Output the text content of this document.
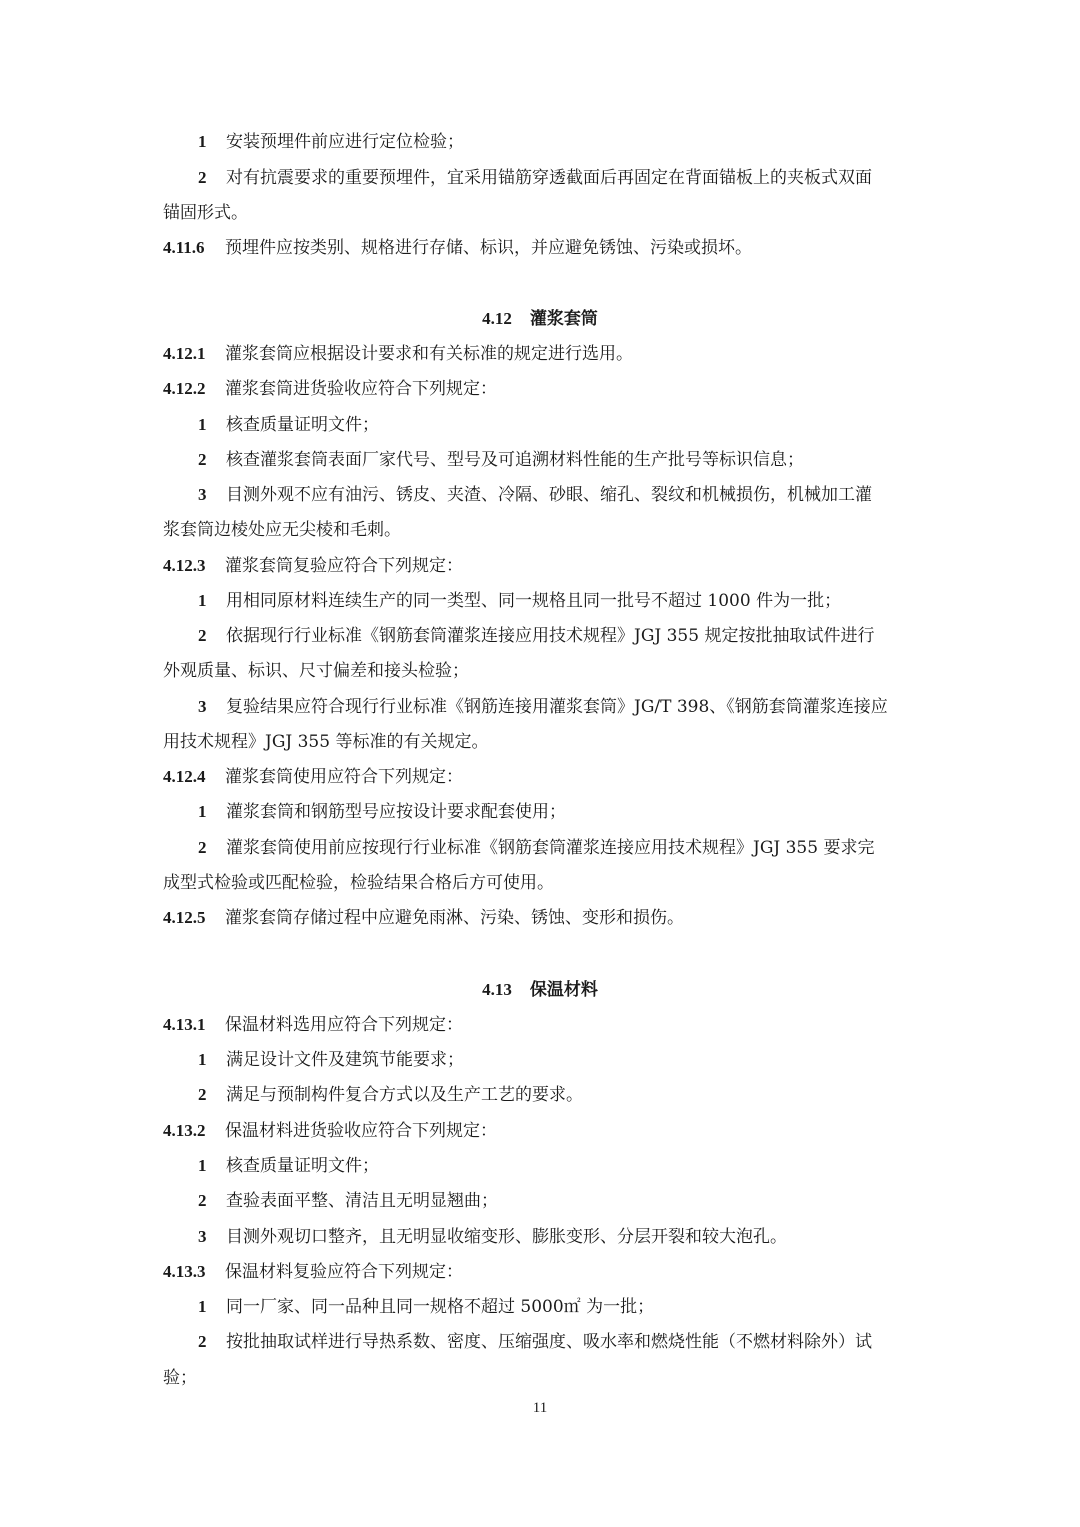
1 安装预埋件前应进行定位检验；
2 对有抗震要求的重要预埋件，宜采用锚筋穿透截面后再固定在背面锚板上的夹板式双面
锚固形式。
4.11.6 预埋件应按类别、规格进行存储、标识，并应避免锈蚀、污染或损坏。
4.12 灌浆套筒
4.12.1 灌浆套筒应根据设计要求和有关标准的规定进行选用。
4.12.2 灌浆套筒进货验收应符合下列规定：
1 核查质量证明文件；
2 核查灌浆套筒表面厂家代号、型号及可追溯材料性能的生产批号等标识信息；
3 目测外观不应有油污、锈皮、夹渣、冷隔、砂眼、缩孔、裂纹和机械损伤，机械加工灌
浆套筒边棱处应无尖棱和毛刺。
4.12.3 灌浆套筒复验应符合下列规定：
1 用相同原材料连续生产的同一类型、同一规格且同一批号不超过 1000 件为一批；
2 依据现行行业标准《钢筋套筒灌浆连接应用技术规程》JGJ 355 规定按批抽取试件进行
外观质量、标识、尺寸偏差和接头检验；
3 复验结果应符合现行行业标准《钢筋连接用灌浆套筒》JG/T 398、《钢筋套筒灌浆连接应
用技术规程》JGJ 355 等标准的有关规定。
4.12.4 灌浆套筒使用应符合下列规定：
1 灌浆套筒和钢筋型号应按设计要求配套使用；
2 灌浆套筒使用前应按现行行业标准《钢筋套筒灌浆连接应用技术规程》JGJ 355 要求完
成型式检验或匹配检验，检验结果合格后方可使用。
4.12.5 灌浆套筒存储过程中应避免雨淋、污染、锈蚀、变形和损伤。
4.13 保温材料
4.13.1 保温材料选用应符合下列规定：
1 满足设计文件及建筑节能要求；
2 满足与预制构件复合方式以及生产工艺的要求。
4.13.2 保温材料进货验收应符合下列规定：
1 核查质量证明文件；
2 查验表面平整、清洁且无明显翘曲；
3 目测外观切口整齐，且无明显收缩变形、膨胀变形、分层开裂和较大泡孔。
4.13.3 保温材料复验应符合下列规定：
1 同一厂家、同一品种且同一规格不超过 5000㎡ 为一批；
2 按批抽取试样进行导热系数、密度、压缩强度、吸水率和燃烧性能（不燃材料除外）试
验；
11
